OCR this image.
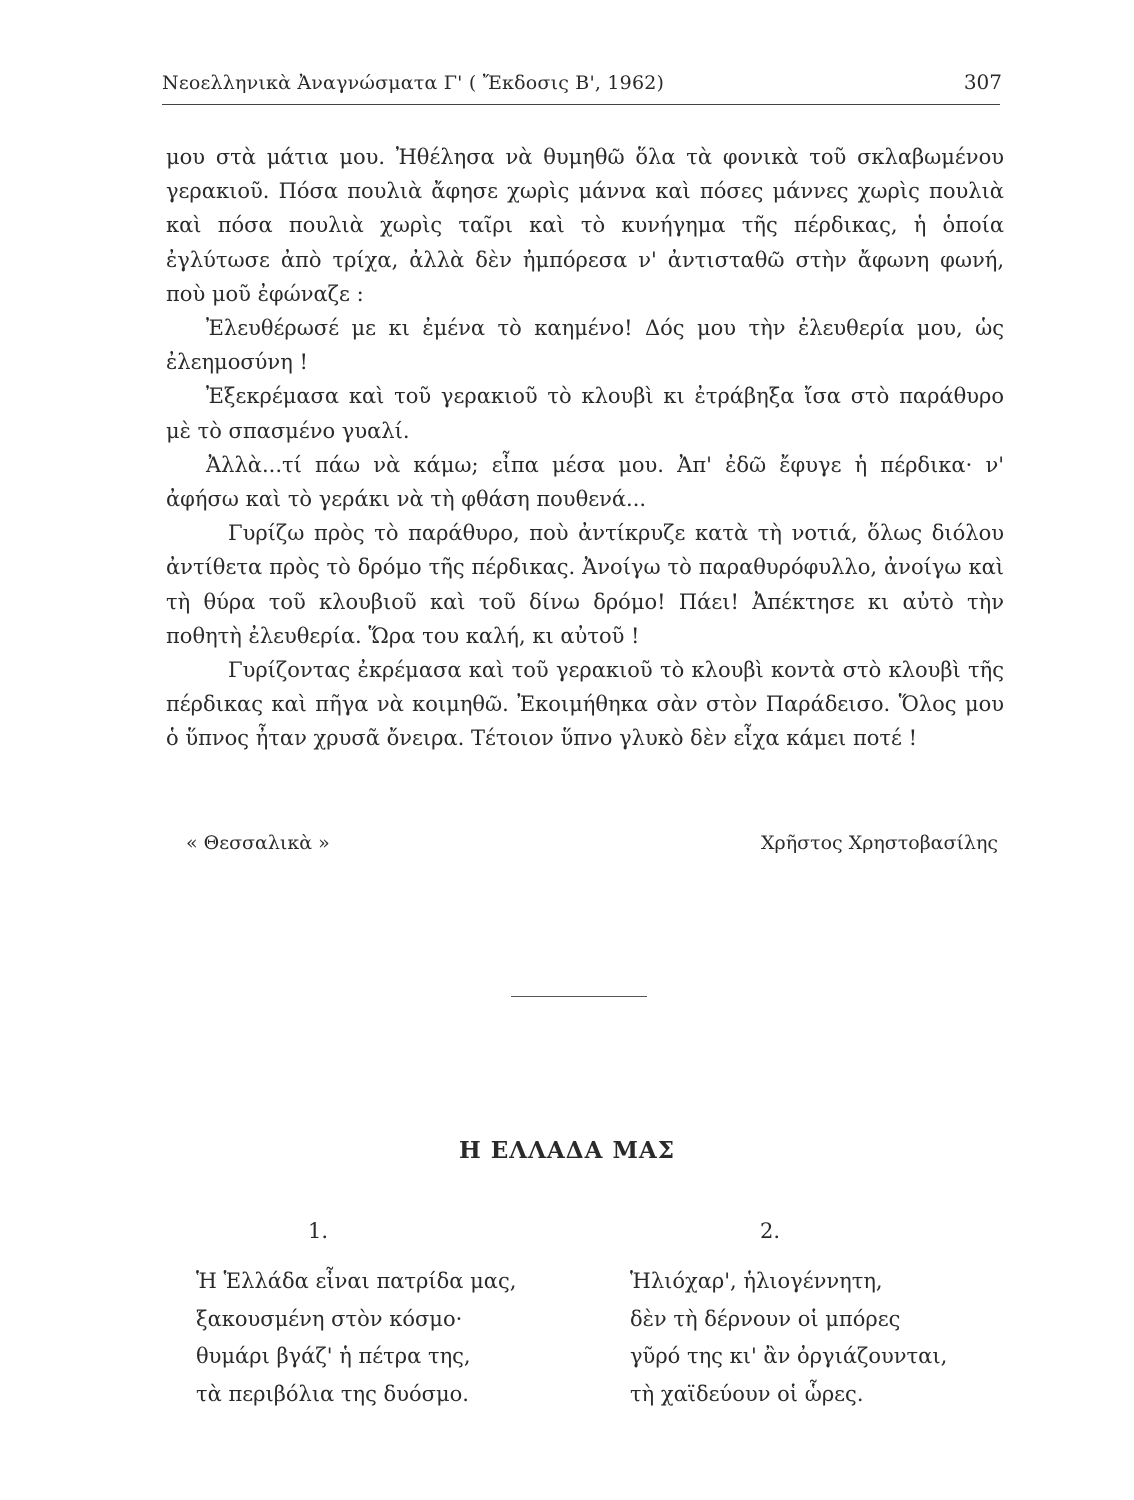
Νεοελληνικὰ Ἀναγνώσματα Γ' ( Ἔκδοσις Β', 1962)	307

μου στὰ μάτια μου. Ἠθέλησα νὰ θυμηθῶ ὅλα τὰ φονικὰ τοῦ σκλαβωμένου γερακιοῦ. Πόσα πουλιὰ ἄφησε χωρὶς μάννα καὶ πόσες μάννες χωρὶς πουλιὰ καὶ πόσα πουλιὰ χωρὶς ταῖρι καὶ τὸ κυνήγημα τῆς πέρδικας, ἡ ὁποία ἐγλύτωσε ἀπὸ τρίχα, ἀλλὰ δὲν ἠμπόρεσα ν' ἀντισταθῶ στὴν ἄφωνη φωνή, ποὺ μοῦ ἐφώναζε :

Ἐλευθέρωσέ με κι ἐμένα τὸ καημένο! Δός μου τὴν ἐλευθερία μου, ὡς ἐλεημοσύνη !

Ἐξεκρέμασα καὶ τοῦ γερακιοῦ τὸ κλουβὶ κι ἐτράβηξα ἴσα στὸ παράθυρο μὲ τὸ σπασμένο γυαλί.

Ἀλλὰ...τί πάω νὰ κάμω; εἶπα μέσα μου. Ἀπ' ἐδῶ ἔφυγε ἡ πέρδικα· ν' ἀφήσω καὶ τὸ γεράκι νὰ τὴ φθάση πουθενά...

Γυρίζω πρὸς τὸ παράθυρο, ποὺ ἀντίκρυζε κατὰ τὴ νοτιά, ὅλως διόλου ἀντίθετα πρὸς τὸ δρόμο τῆς πέρδικας. Ἀνοίγω τὸ παραθυρόφυλλο, ἀνοίγω καὶ τὴ θύρα τοῦ κλουβιοῦ καὶ τοῦ δίνω δρόμο! Πάει! Ἀπέκτησε κι αὐτὸ τὴν ποθητὴ ἐλευθερία. Ὥρα του καλή, κι αὐτοῦ !

Γυρίζοντας ἐκρέμασα καὶ τοῦ γερακιοῦ τὸ κλουβὶ κοντὰ στὸ κλουβὶ τῆς πέρδικας καὶ πῆγα νὰ κοιμηθῶ. Ἐκοιμήθηκα σὰν στὸν Παράδεισο. Ὅλος μου ὁ ὕπνος ἦταν χρυσᾶ ὄνειρα. Τέτοιον ὕπνο γλυκὸ δὲν εἶχα κάμει ποτέ !

« Θεσσαλικὰ »	Χρῆστος Χρηστοβασίλης
Η ΕΛΛΑΔΑ ΜΑΣ
1.	2.
Ἡ Ἑλλάδα εἶναι πατρίδα μας,
ξακουσμένη στὸν κόσμο·
θυμάρι βγάζ' ἡ πέτρα της,
τὰ περιβόλια της δυόσμο.
Ἡλιόχαρ', ἡλιογέννητη,
δὲν τὴ δέρνουν οἱ μπόρες
γῦρό της κι' ἂν ὀργιάζουνται,
τὴ χαϊδεύουν οἱ ὧρες.
